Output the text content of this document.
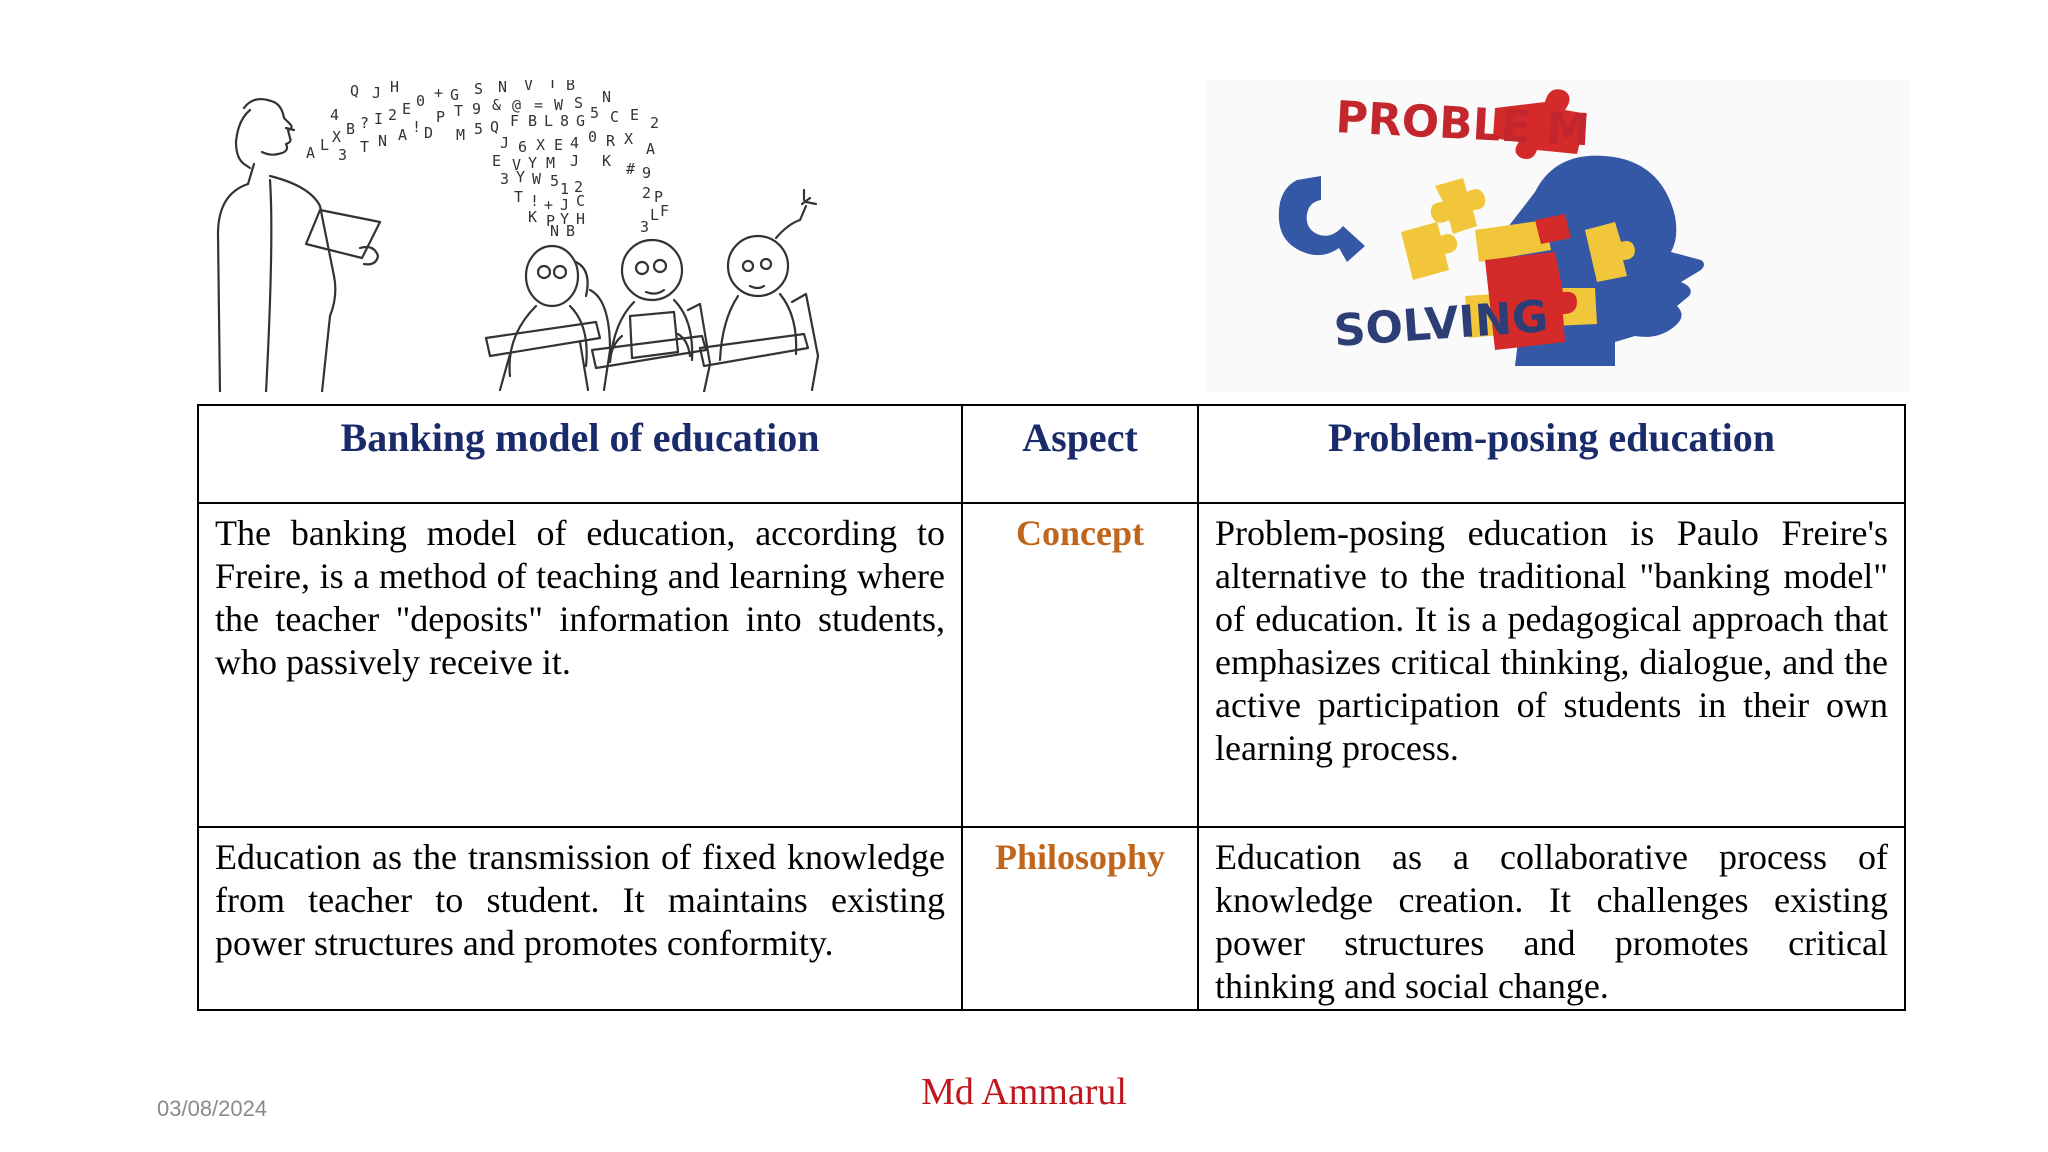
A L X B ? I 2 E 0 +
4
J
Q H
3 T N A ! D M 5 Q F B L 8 G 5 C E 2
P T 9 & @ = W S N
G S N V T B
J 6 X E 4 0 R X
A
E V Y M J K # 9
3 Y W 5 1 2
T ! + J C	2 P
K P Y H
N B
L F
3
PROBLE M
SOLVING
Banking model of education	Aspect	Problem-posing education

The banking model of education, according to Freire, is a method of teaching and learning where the teacher "deposits" information into students, who passively receive it.	Concept	Problem-posing education is Paulo Freire's alternative to the traditional "banking model" of education. It is a pedagogical approach that emphasizes critical thinking, dialogue, and the active participation of students in their own learning process.

Education as the transmission of fixed knowledge from teacher to student. It maintains existing power structures and promotes conformity.	Philosophy	Education as a collaborative process of knowledge creation. It challenges existing power structures and promotes critical thinking and social change.
03/08/2024	Md Ammarul
